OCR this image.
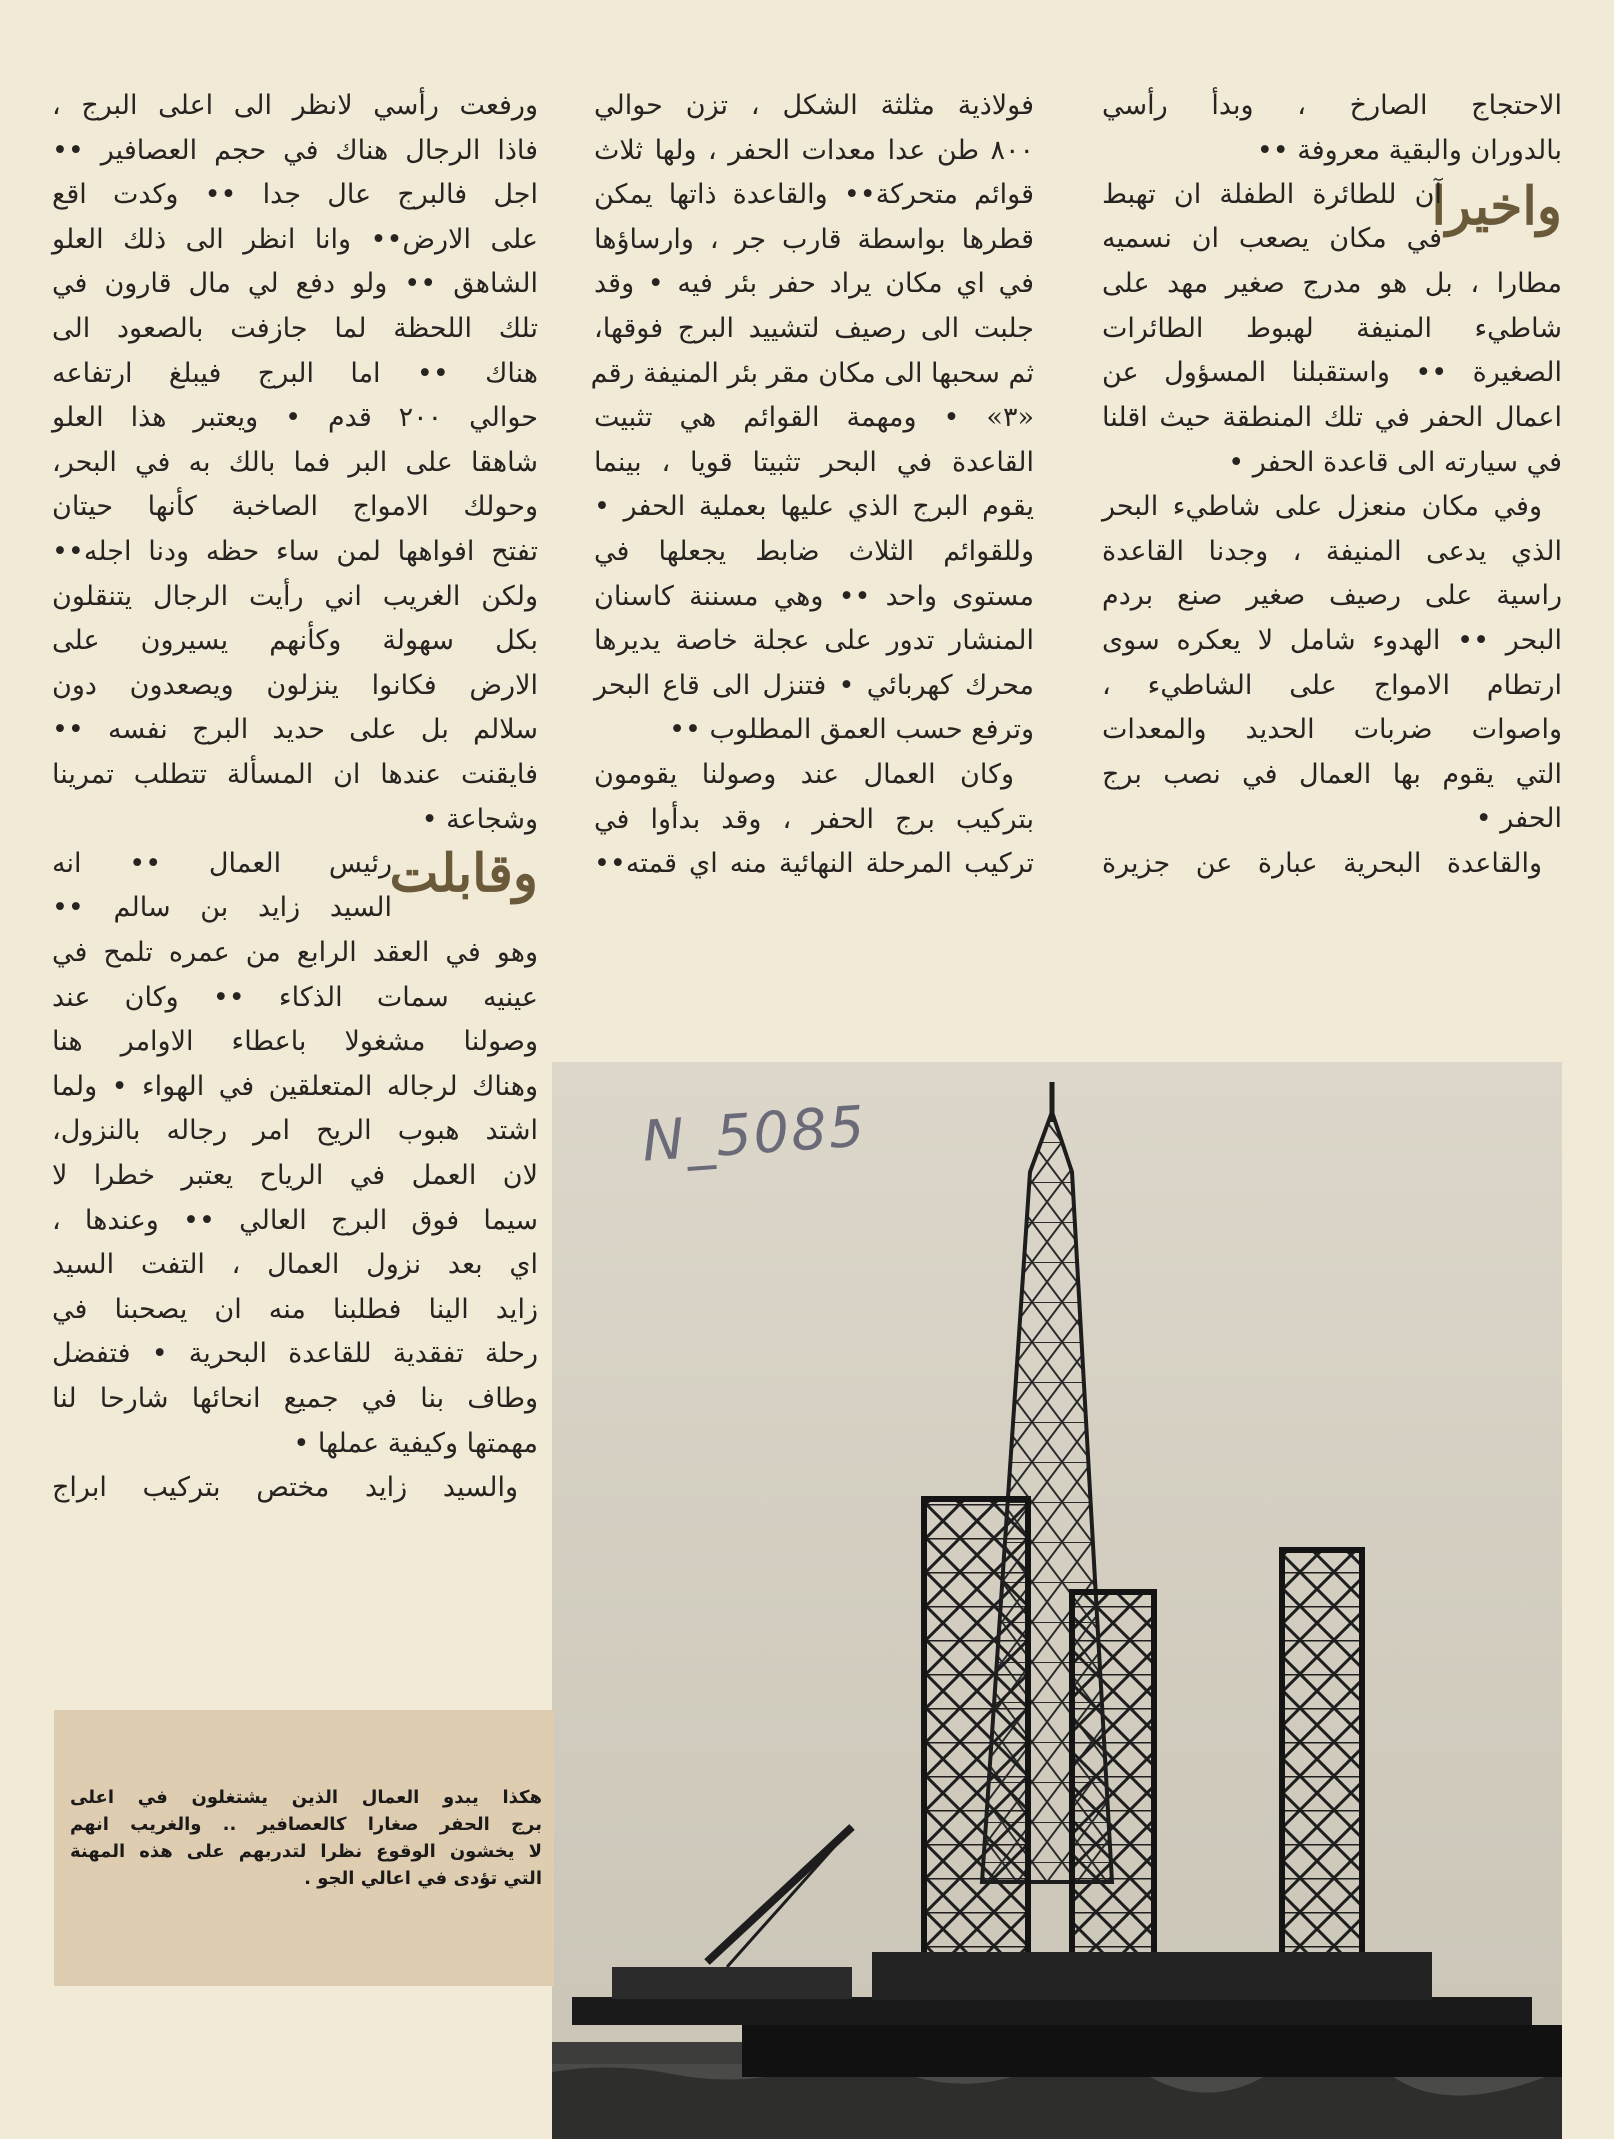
الاحتجاج الصارخ ، وبدأ رأسي
بالدوران والبقية معروفة ••
واخيرا
آن للطائرة الطفلة ان تهبط
في مكان يصعب ان نسميه
مطارا ، بل هو مدرج صغير مهد على
شاطيء المنيفة لهبوط الطائرات
الصغيرة •• واستقبلنا المسؤول عن
اعمال الحفر في تلك المنطقة حيث اقلنا
في سيارته الى قاعدة الحفر •
وفي مكان منعزل على شاطيء البحر
الذي يدعى المنيفة ، وجدنا القاعدة
راسية على رصيف صغير صنع بردم
البحر •• الهدوء شامل لا يعكره سوى
ارتطام الامواج على الشاطيء ،
واصوات ضربات الحديد والمعدات
التي يقوم بها العمال في نصب برج
الحفر •
والقاعدة البحرية عبارة عن جزيرة
فولاذية مثلثة الشكل ، تزن حوالي
٨٠٠ طن عدا معدات الحفر ، ولها ثلاث
قوائم متحركة•• والقاعدة ذاتها يمكن
قطرها بواسطة قارب جر ، وارساؤها
في اي مكان يراد حفر بئر فيه • وقد
جلبت الى رصيف لتشييد البرج فوقها،
ثم سحبها الى مكان مقر بئر المنيفة رقم
«٣» • ومهمة القوائم هي تثبيت
القاعدة في البحر تثبيتا قويا ، بينما
يقوم البرج الذي عليها بعملية الحفر •
وللقوائم الثلاث ضابط يجعلها في
مستوى واحد •• وهي مسننة كاسنان
المنشار تدور على عجلة خاصة يديرها
محرك كهربائي • فتنزل الى قاع البحر
وترفع حسب العمق المطلوب ••
وكان العمال عند وصولنا يقومون
بتركيب برج الحفر ، وقد بدأوا في
تركيب المرحلة النهائية منه اي قمته••
ورفعت رأسي لانظر الى اعلى البرج ،
فاذا الرجال هناك في حجم العصافير ••
اجل فالبرج عال جدا •• وكدت اقع
على الارض•• وانا انظر الى ذلك العلو
الشاهق •• ولو دفع لي مال قارون في
تلك اللحظة لما جازفت بالصعود الى
هناك •• اما البرج فيبلغ ارتفاعه
حوالي ٢٠٠ قدم • ويعتبر هذا العلو
شاهقا على البر فما بالك به في البحر،
وحولك الامواج الصاخبة كأنها حيتان
تفتح افواهها لمن ساء حظه ودنا اجله••
ولكن الغريب اني رأيت الرجال يتنقلون
بكل سهولة وكأنهم يسيرون على
الارض فكانوا ينزلون ويصعدون دون
سلالم بل على حديد البرج نفسه ••
فايقنت عندها ان المسألة تتطلب تمرينا
وشجاعة •
وقابلت
رئيس العمال •• انه
السيد زايد بن سالم ••
وهو في العقد الرابع من عمره تلمح في
عينيه سمات الذكاء •• وكان عند
وصولنا مشغولا باعطاء الاوامر هنا
وهناك لرجاله المتعلقين في الهواء • ولما
اشتد هبوب الريح امر رجاله بالنزول،
لان العمل في الرياح يعتبر خطرا لا
سيما فوق البرج العالي •• وعندها ،
اي بعد نزول العمال ، التفت السيد
زايد الينا فطلبنا منه ان يصحبنا في
رحلة تفقدية للقاعدة البحرية • فتفضل
وطاف بنا في جميع انحائها شارحا لنا
مهمتها وكيفية عملها •
والسيد زايد مختص بتركيب ابراج
N_5085
هكذا يبدو العمال الذين يشتغلون في اعلى
برج الحفر صغارا كالعصافير .. والغريب انهم
لا يخشون الوقوع نظرا لتدربهم على هذه المهنة
التي تؤدى في اعالي الجو .
